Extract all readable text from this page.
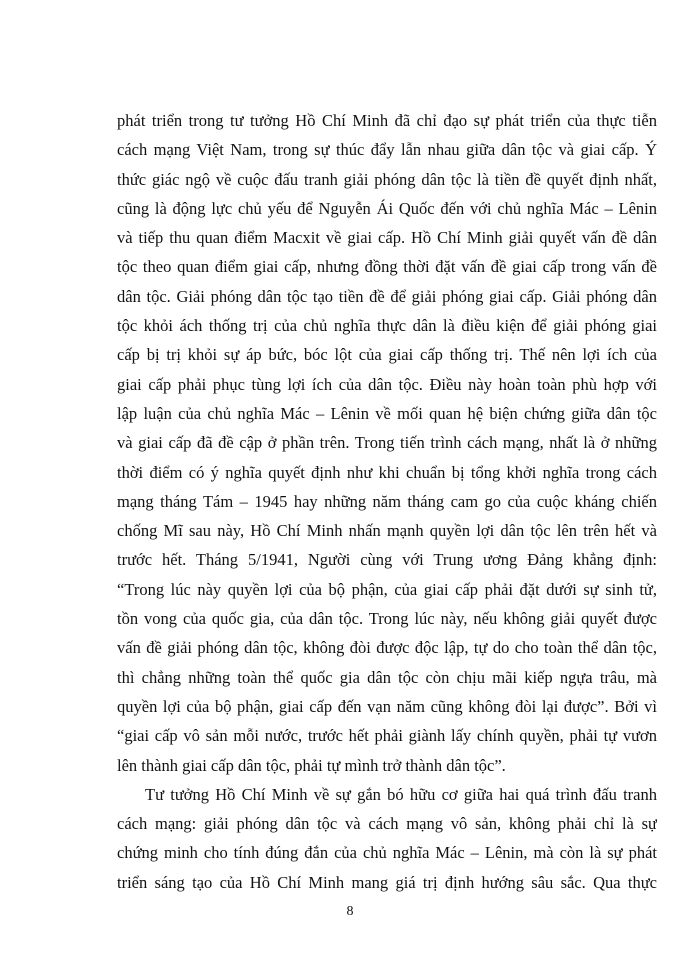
phát triển trong tư tưởng Hồ Chí Minh đã chỉ đạo sự phát triển của thực tiễn
cách mạng Việt Nam, trong sự thúc đẩy lẫn nhau giữa dân tộc và giai cấp. Ý
thức giác ngộ về cuộc đấu tranh giải phóng dân tộc là tiền đề quyết định nhất,
cũng là động lực chủ yếu để Nguyễn Ái Quốc đến với chủ nghĩa Mác – Lênin
và tiếp thu quan điểm Macxit về giai cấp. Hồ Chí Minh giải quyết vấn đề dân
tộc theo quan điểm giai cấp, nhưng đồng thời đặt vấn đề giai cấp trong vấn đề
dân tộc. Giải phóng dân tộc tạo tiền đề để giải phóng giai cấp. Giải phóng dân
tộc khỏi ách thống trị của chủ nghĩa thực dân là điều kiện để giải phóng giai
cấp bị trị khỏi sự áp bức, bóc lột của giai cấp thống trị. Thế nên lợi ích của
giai cấp phải phục tùng lợi ích của dân tộc. Điều này hoàn toàn phù hợp với
lập luận của chủ nghĩa Mác – Lênin về mối quan hệ biện chứng giữa dân tộc
và giai cấp đã đề cập ở phần trên. Trong tiến trình cách mạng, nhất là ở những
thời điểm có ý nghĩa quyết định như khi chuẩn bị tổng khởi nghĩa trong cách
mạng tháng Tám – 1945 hay những năm tháng cam go của cuộc kháng chiến
chống Mĩ sau này, Hồ Chí Minh nhấn mạnh quyền lợi dân tộc lên trên hết và
trước hết. Tháng 5/1941, Người cùng với Trung ương Đảng khẳng định:
“Trong lúc này quyền lợi của bộ phận, của giai cấp phải đặt dưới sự sinh tử,
tồn vong của quốc gia, của dân tộc. Trong lúc này, nếu không giải quyết được
vấn đề giải phóng dân tộc, không đòi được độc lập, tự do cho toàn thể dân tộc,
thì chẳng những toàn thể quốc gia dân tộc còn chịu mãi kiếp ngựa trâu, mà
quyền lợi của bộ phận, giai cấp đến vạn năm cũng không đòi lại được”. Bởi vì
“giai cấp vô sản mỗi nước, trước hết phải giành lấy chính quyền, phải tự vươn
lên thành giai cấp dân tộc, phải tự mình trở thành dân tộc”.
Tư tưởng Hồ Chí Minh về sự gắn bó hữu cơ giữa hai quá trình đấu tranh
cách mạng: giải phóng dân tộc và cách mạng vô sản, không phải chỉ là sự
chứng minh cho tính đúng đắn của chủ nghĩa Mác – Lênin, mà còn là sự phát
triển sáng tạo của Hồ Chí Minh mang giá trị định hướng sâu sắc. Qua thực
8
